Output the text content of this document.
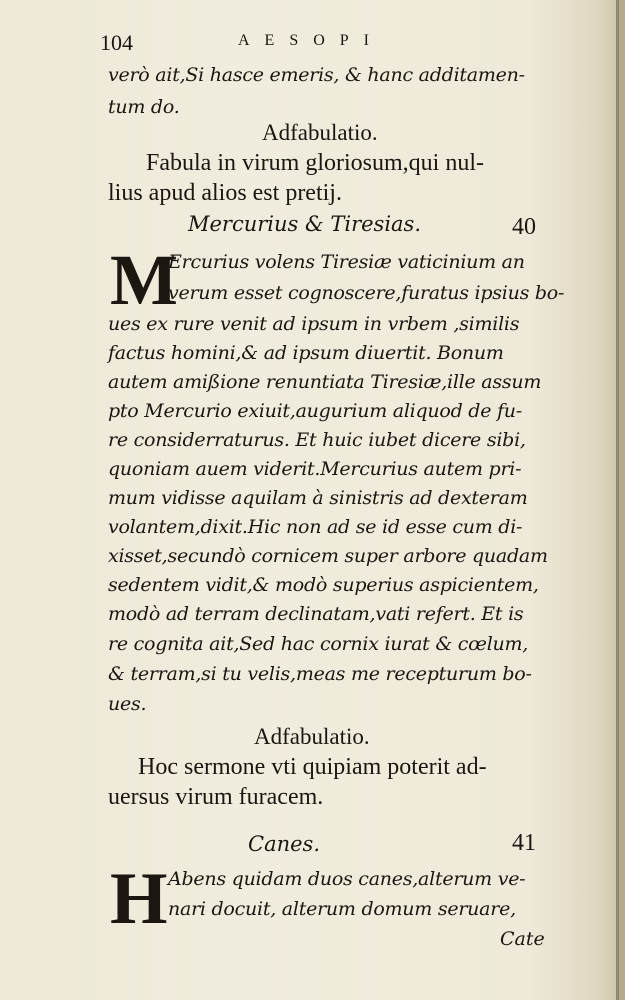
104	AESOPI
verò ait,Si hasce emeris, & hanc additamen-
tum do.
Adfabulatio.
Fabula in virum gloriosum,qui nul-
lius apud alios est pretij.
Mercurius & Tiresias.	40
M
Ercurius volens Tiresiæ vaticinium an
verum esset cognoscere,furatus ipsius bo-
ues ex rure venit ad ipsum in vrbem ,similis
factus homini,& ad ipsum diuertit. Bonum
autem amißione renuntiata Tiresiæ,ille assum
pto Mercurio exiuit,augurium aliquod de fu-
re considerraturus. Et huic iubet dicere sibi,
quoniam auem viderit.Mercurius autem pri-
mum vidisse aquilam à sinistris ad dexteram
volantem,dixit.Hic non ad se id esse cum di-
xisset,secundò cornicem super arbore quadam
sedentem vidit,& modò superius aspicientem,
modò ad terram declinatam,vati refert. Et is
re cognita ait,Sed hac cornix iurat & cœlum,
& terram,si tu velis,meas me recepturum bo-
ues.
Adfabulatio.
Hoc sermone vti quipiam poterit ad-
uersus virum furacem.
Canes.	41
H Abens quidam duos canes,alterum ve-
nari docuit, alterum domum seruare,
Cate
